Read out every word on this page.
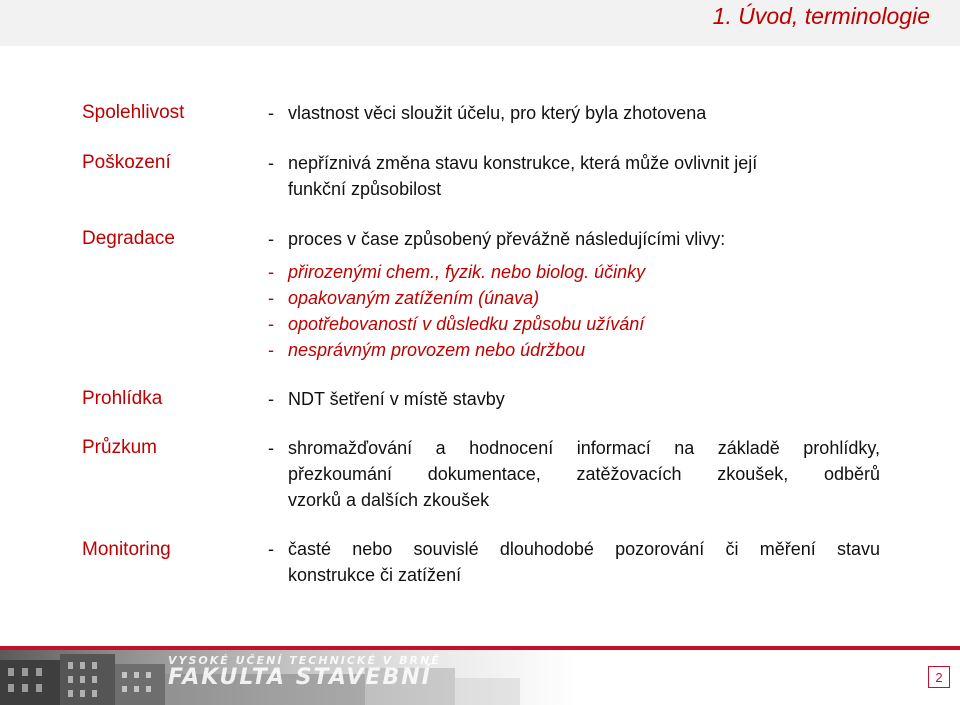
1. Úvod, terminologie
Spolehlivost
Poškození
Degradace
Prohlídka
Průzkum
Monitoring
- vlastnost věci sloužit účelu, pro který byla zhotovena
- nepříznivá změna stavu konstrukce, která může ovlivnit její
funkční způsobilost
- proces v čase způsobený převážně následujícími vlivy:
- přirozenými chem., fyzik. nebo biolog. účinky
- opakovaným zatížením (únava)
- opotřebovaností v důsledku způsobu užívání
- nesprávným provozem nebo údržbou
- NDT šetření v místě stavby
- shromažďování a hodnocení informací na základě prohlídky,
přezkoumání dokumentace, zatěžovacích zkoušek, odběrů
vzorků a dalších zkoušek
- časté nebo souvislé dlouhodobé pozorování či měření stavu
konstrukce či zatížení
VYSOKÉ UČENÍ TECHNICKÉ V BRNĚ
FAKULTA STAVEBNÍ	2
